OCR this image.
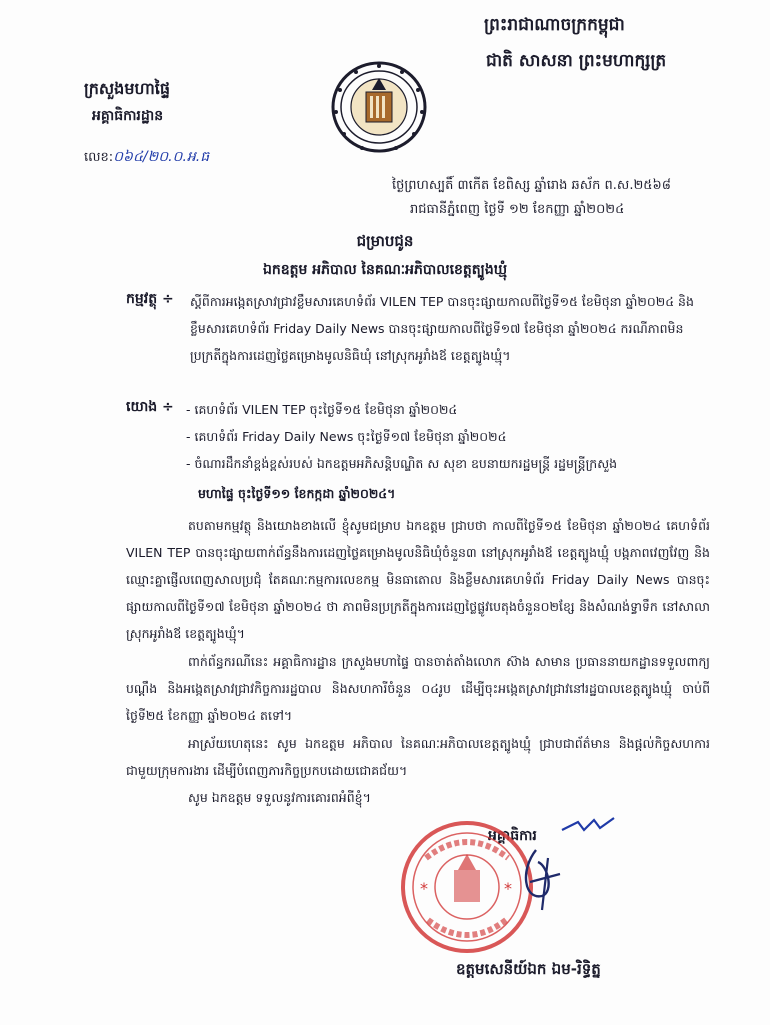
ព្រះរាជាណាចក្រកម្ពុជា
ជាតិ សាសនា ព្រះមហាក្សត្រ
ក្រសួងមហាផ្ទៃ
អគ្គាធិការដ្ឋាន
លេខ:០៦៤/២០.០.អ.ធ
ថ្ងៃព្រហស្បតិ៍ ៣កើត ខែពិស្ស ឆ្នាំរោង ឆស័ក ព.ស.២៥៦៨
រាជធានីភ្នំពេញ ថ្ងៃទី ១២ ខែកញ្ញា ឆ្នាំ២០២៤
ជម្រាបជូន
ឯកឧត្តម អភិបាល នៃគណៈអភិបាលខេត្តត្បូងឃ្មុំ
កម្មវត្ថុ ÷ ស្ដីពីការអង្កេតស្រាវជ្រាវខ្លឹមសារគេហទំព័រ VILEN TEP បានចុះផ្សាយកាលពីថ្ងៃទី១៥ ខែមិថុនា ឆ្នាំ២០២៤ និងខ្លឹមសារគេហទំព័រ Friday Daily News បានចុះផ្សាយកាលពីថ្ងៃទី១៧ ខែមិថុនា ឆ្នាំ២០២៤ ករណីភាពមិនប្រក្រតីក្នុងការដេញថ្លៃគម្រោងមូលនិធិឃុំ នៅស្រុកអូរាំងឪ ខេត្តត្បូងឃ្មុំ។
យោង ÷ - គេហទំព័រ VILEN TEP ចុះថ្ងៃទី១៥ ខែមិថុនា ឆ្នាំ២០២៤
- គេហទំព័រ Friday Daily News ចុះថ្ងៃទី១៧ ខែមិថុនា ឆ្នាំ២០២៤
- ចំណារដឹកនាំខ្ពង់ខ្ពស់របស់ ឯកឧត្តមអភិសន្តិបណ្ឌិត ស សុខា ឧបនាយករដ្ឋមន្ត្រី រដ្ឋមន្ត្រីក្រសួង
មហាផ្ទៃ ចុះថ្ងៃទី១១ ខែកក្កដា ឆ្នាំ២០២៤។
តបតាមកម្មវត្ថុ និងយោងខាងលើ ខ្ញុំសូមជម្រាប ឯកឧត្តម ជ្រាបថា កាលពីថ្ងៃទី១៥ ខែមិថុនា ឆ្នាំ២០២៤ គេហទំព័រ VILEN TEP បានចុះផ្សាយពាក់ព័ន្ធនឹងការដេញថ្លៃគម្រោងមូលនិធិឃុំចំនួន៣ នៅស្រុកអូរាំងឪ ខេត្តត្បូងឃ្មុំ បង្កភាពវេញវែញ និងឈ្មោះគ្នាផ្ញើលពេញសាលប្រជុំ តែគណៈកម្មការលេខកម្ម មិនធាតោល និងខ្លឹមសារគេហទំព័រ Friday Daily News បានចុះផ្សាយកាលពីថ្ងៃទី១៧ ខែមិថុនា ឆ្នាំ២០២៤ ថា ភាពមិនប្រក្រតីក្នុងការដេញថ្លៃផ្លូវបេតុងចំនួន០២ខ្សែ និងសំណង់ទ្វាទឹក នៅសាលាស្រុកអូរាំងឪ ខេត្តត្បូងឃ្មុំ។
ពាក់ព័ន្ធករណីនេះ អគ្គាធិការដ្ឋាន ក្រសួងមហាផ្ទៃ បានចាត់តាំងលោក ស៊ាង សាមាន ប្រធាននាយកដ្ឋានទទួលពាក្យបណ្តឹង និងអង្កេតស្រាវជ្រាវកិច្ចការរដ្ឋបាល និងសហការីចំនួន ០៤រូប ដើម្បីចុះអង្កេតស្រាវជ្រាវនៅរដ្ឋបាលខេត្តត្បូងឃ្មុំ ចាប់ពីថ្ងៃទី២៥ ខែកញ្ញា ឆ្នាំ២០២៤ តទៅ។
អាស្រ័យហេតុនេះ សូម ឯកឧត្តម អភិបាល នៃគណៈអភិបាលខេត្តត្បូងឃ្មុំ ជ្រាបជាព័ត៌មាន និងផ្តល់កិច្ចសហការជាមួយក្រុមការងារ ដើម្បីបំពេញភារកិច្ចប្រកបដោយជោគជ័យ។
សូម ឯកឧត្តម ទទួលនូវការគោរពអំពីខ្ញុំ។
អគ្គាធិការ
*	*
ឧត្តមសេនីយ៍ឯក ឯម-រិទ្ធិត្ន
